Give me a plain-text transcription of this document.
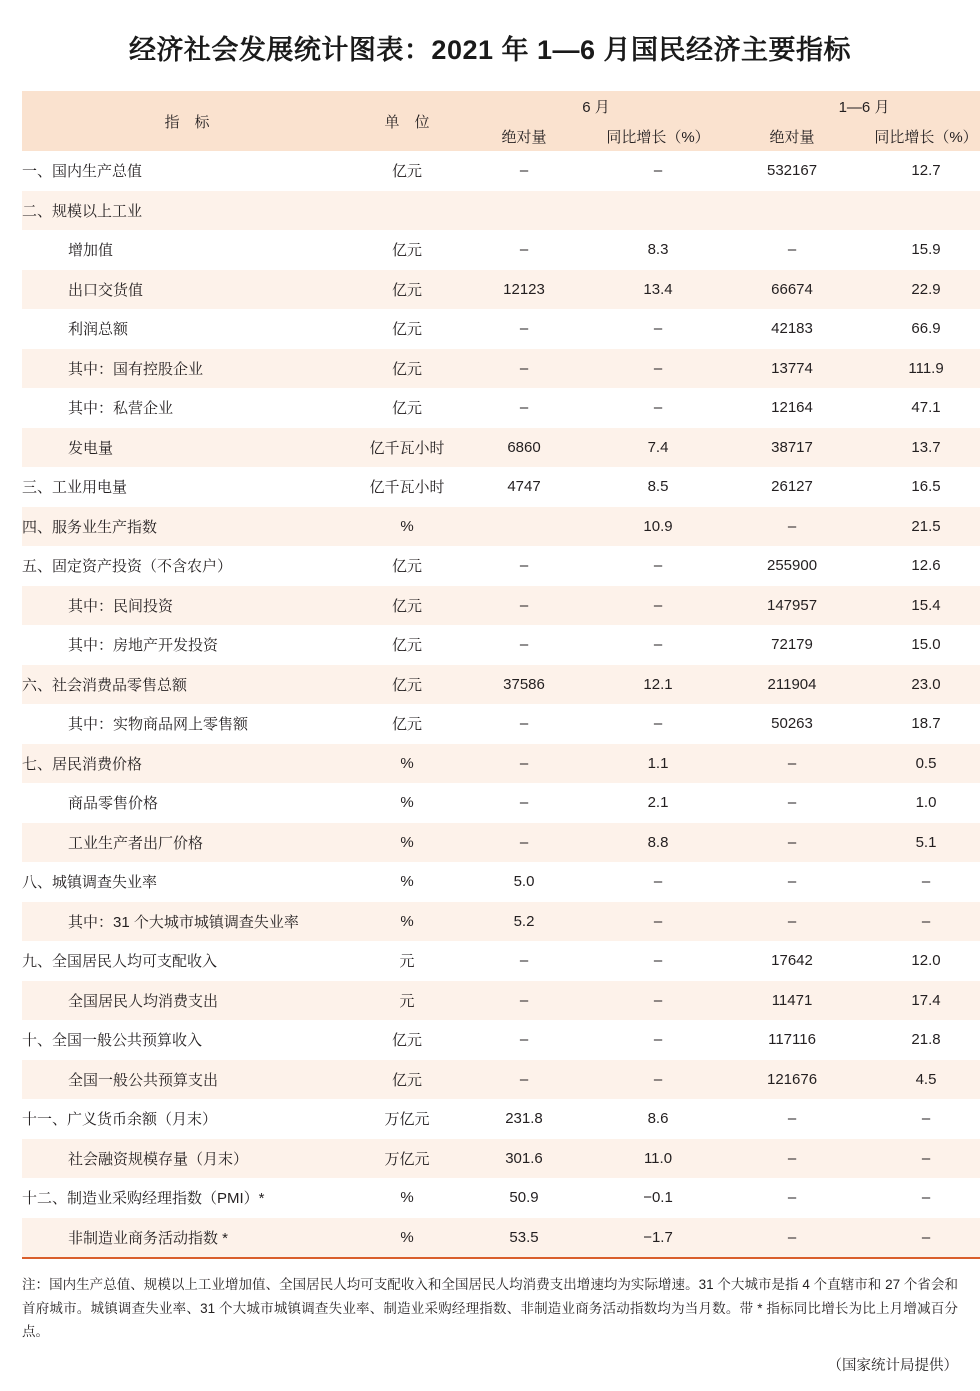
经济社会发展统计图表：2021 年 1—6 月国民经济主要指标
指　标	单　位	6 月		1—6 月	
		绝对量	同比增长（%）	绝对量	同比增长（%）
一、国内生产总值	亿元	–	–	532167	12.7
二、规模以上工业					
增加值	亿元	–	8.3	–	15.9
出口交货值	亿元	12123	13.4	66674	22.9
利润总额	亿元	–	–	42183	66.9
其中：国有控股企业	亿元	–	–	13774	111.9
其中：私营企业	亿元	–	–	12164	47.1
发电量	亿千瓦小时	6860	7.4	38717	13.7
三、工业用电量	亿千瓦小时	4747	8.5	26127	16.5
四、服务业生产指数	%		10.9	–	21.5
五、固定资产投资（不含农户）	亿元	–	–	255900	12.6
其中：民间投资	亿元	–	–	147957	15.4
其中：房地产开发投资	亿元	–	–	72179	15.0
六、社会消费品零售总额	亿元	37586	12.1	211904	23.0
其中：实物商品网上零售额	亿元	–	–	50263	18.7
七、居民消费价格	%	–	1.1	–	0.5
商品零售价格	%	–	2.1	–	1.0
工业生产者出厂价格	%	–	8.8	–	5.1
八、城镇调查失业率	%	5.0	–	–	–
其中：31 个大城市城镇调查失业率	%	5.2	–	–	–
九、全国居民人均可支配收入	元	–	–	17642	12.0
全国居民人均消费支出	元	–	–	11471	17.4
十、全国一般公共预算收入	亿元	–	–	117116	21.8
全国一般公共预算支出	亿元	–	–	121676	4.5
十一、广义货币余额（月末）	万亿元	231.8	8.6	–	–
社会融资规模存量（月末）	万亿元	301.6	11.0	–	–
十二、制造业采购经理指数（PMI）*	%	50.9	−0.1	–	–
非制造业商务活动指数 *	%	53.5	−1.7	–	–
注：国内生产总值、规模以上工业增加值、全国居民人均可支配收入和全国居民人均消费支出增速均为实际增速。31 个大城市是指 4 个直辖市和 27 个省会和首府城市。城镇调查失业率、31 个大城市城镇调查失业率、制造业采购经理指数、非制造业商务活动指数均为当月数。带 * 指标同比增长为比上月增减百分点。
（国家统计局提供）
